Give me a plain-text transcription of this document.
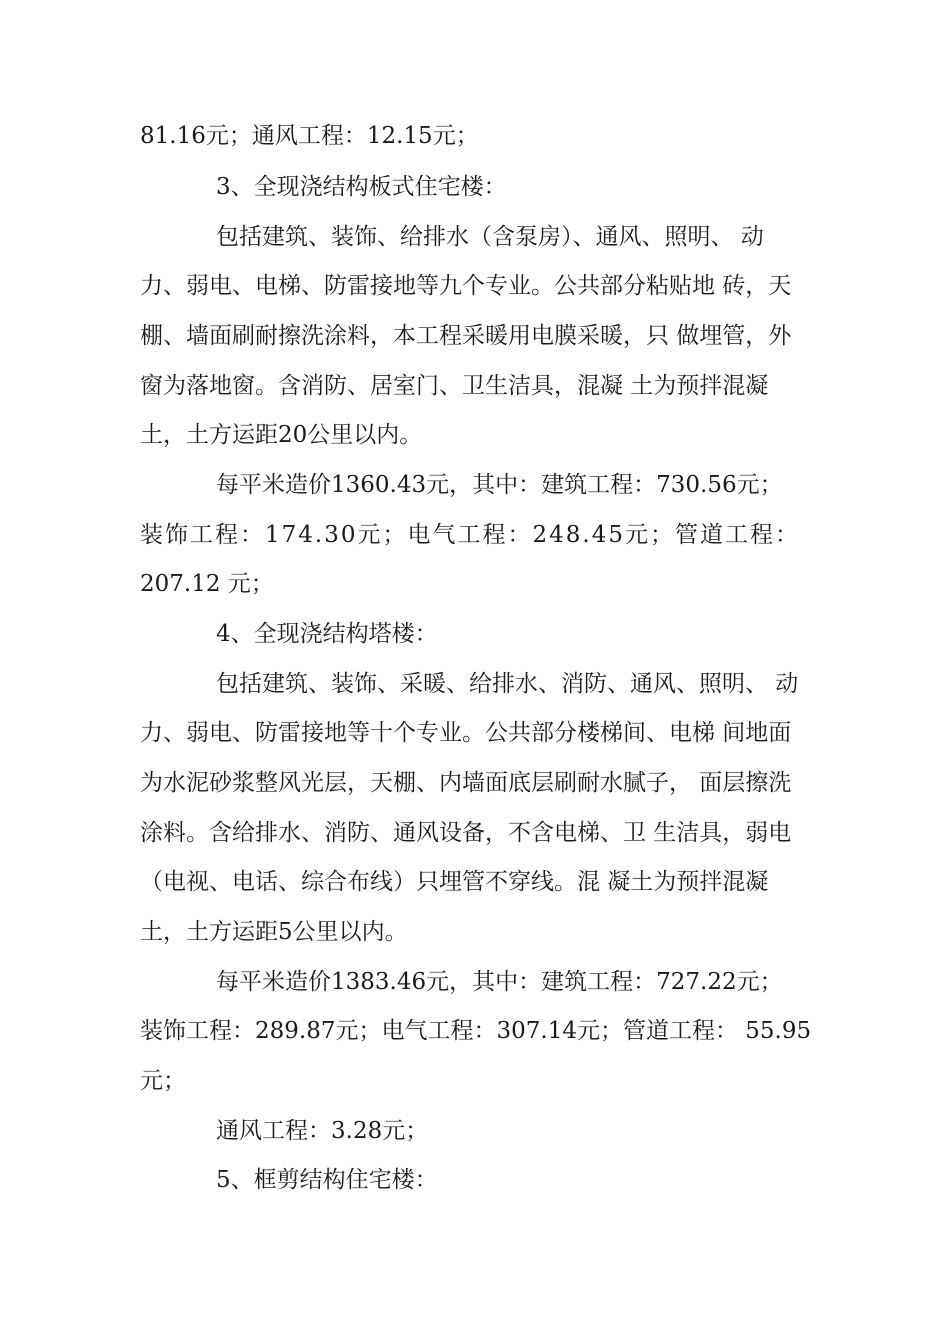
81.16元；通风工程：12.15元；
3、全现浇结构板式住宅楼：
包括建筑、装饰、给排水（含泵房）、通风、照明、 动
力、弱电、电梯、防雷接地等九个专业。公共部分粘贴地 砖，天
棚、墙面刷耐擦洗涂料，本工程采暖用电膜采暖，只 做埋管，外
窗为落地窗。含消防、居室门、卫生洁具，混凝 土为预拌混凝
土，土方运距20公里以内。
每平米造价1360.43元，其中：建筑工程：730.56元；
装饰工程：174.30元；电气工程：248.45元；管道工程：
207.12 元；
4、全现浇结构塔楼：
包括建筑、装饰、采暖、给排水、消防、通风、照明、 动
力、弱电、防雷接地等十个专业。公共部分楼梯间、电梯 间地面
为水泥砂浆整风光层，天棚、内墙面底层刷耐水腻子， 面层擦洗
涂料。含给排水、消防、通风设备，不含电梯、卫 生洁具，弱电
（电视、电话、综合布线）只埋管不穿线。混 凝土为预拌混凝
土，土方运距5公里以内。
每平米造价1383.46元，其中：建筑工程：727.22元；
装饰工程：289.87元；电气工程：307.14元；管道工程： 55.95
元；
通风工程：3.28元；
5、框剪结构住宅楼：
